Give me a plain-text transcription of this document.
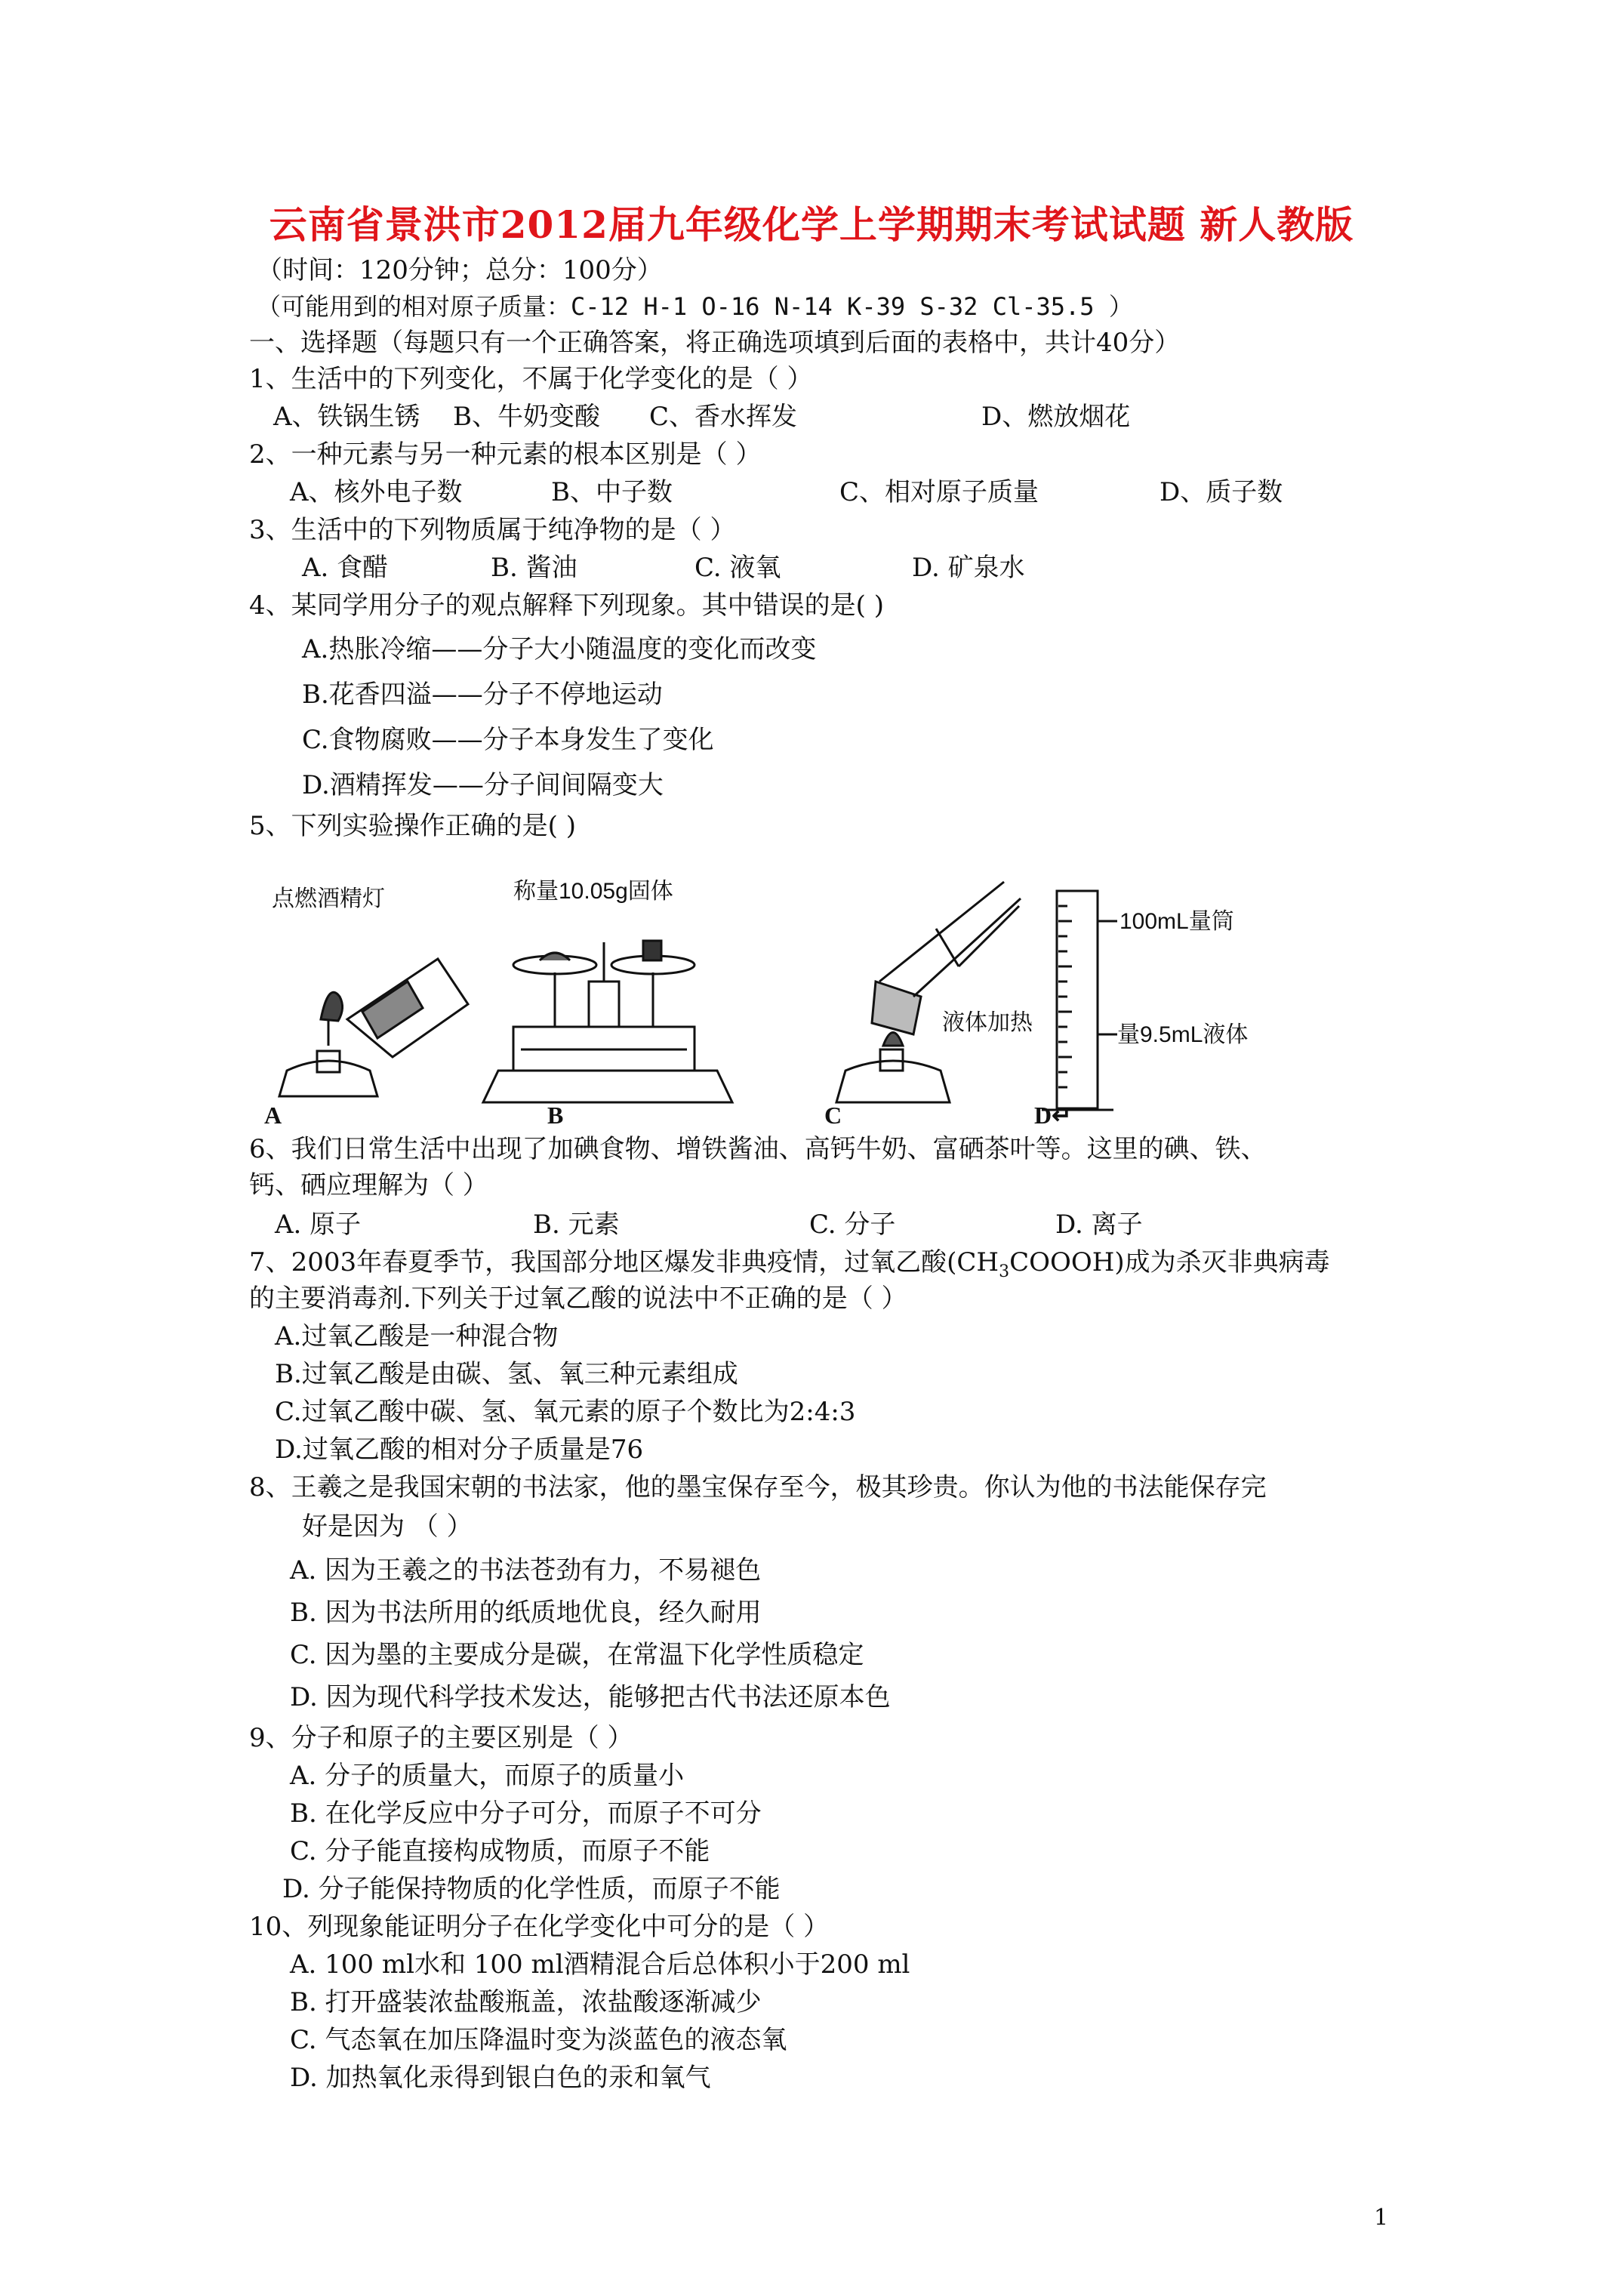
云南省景洪市2012届九年级化学上学期期末考试试题 新人教版
（时间：120分钟；总分：100分）
（可能用到的相对原子质量：C-12 H-1 O-16 N-14 K-39 S-32 Cl-35.5 ）
一、选择题（每题只有一个正确答案，将正确选项填到后面的表格中，共计40分）
1、生活中的下列变化，不属于化学变化的是（ ）
A、铁锅生锈 B、牛奶变酸 C、香水挥发	D、燃放烟花
2、一种元素与另一种元素的根本区别是（ ）
A、核外电子数	B、中子数	C、相对原子质量	D、质子数
3、生活中的下列物质属于纯净物的是（ ）
A. 食醋	B. 酱油	C. 液氧	D. 矿泉水
4、某同学用分子的观点解释下列现象。其中错误的是( )
A.热胀冷缩——分子大小随温度的变化而改变
B.花香四溢——分子不停地运动
C.食物腐败——分子本身发生了变化
D.酒精挥发——分子间间隔变大
5、下列实验操作正确的是( )
点燃酒精灯	称量10.05g固体
液体加热
100mL量筒
量9.5mL液体
A	B	C	D↵
6、我们日常生活中出现了加碘食物、增铁酱油、高钙牛奶、富硒茶叶等。这里的碘、铁、
钙、硒应理解为（ ）
A. 原子	B. 元素	C. 分子	D. 离子
7、2003年春夏季节，我国部分地区爆发非典疫情，过氧乙酸$(CH_3COOOH)$成为杀灭非典病毒
的主要消毒剂.下列关于过氧乙酸的说法中不正确的是（ ）
A.过氧乙酸是一种混合物
B.过氧乙酸是由碳、氢、氧三种元素组成
C.过氧乙酸中碳、氢、氧元素的原子个数比为2:4:3
D.过氧乙酸的相对分子质量是76
8、王羲之是我国宋朝的书法家，他的墨宝保存至今，极其珍贵。你认为他的书法能保存完
好是因为 （ ）
A. 因为王羲之的书法苍劲有力，不易褪色
B. 因为书法所用的纸质地优良，经久耐用
C. 因为墨的主要成分是碳，在常温下化学性质稳定
D. 因为现代科学技术发达，能够把古代书法还原本色
9、分子和原子的主要区别是（ ）
A. 分子的质量大，而原子的质量小
B. 在化学反应中分子可分，而原子不可分
C. 分子能直接构成物质，而原子不能
D. 分子能保持物质的化学性质，而原子不能
10、列现象能证明分子在化学变化中可分的是（ ）
A. 100 ml水和 100 ml酒精混合后总体积小于200 ml
B. 打开盛装浓盐酸瓶盖，浓盐酸逐渐减少
C. 气态氧在加压降温时变为淡蓝色的液态氧
D. 加热氧化汞得到银白色的汞和氧气
1
